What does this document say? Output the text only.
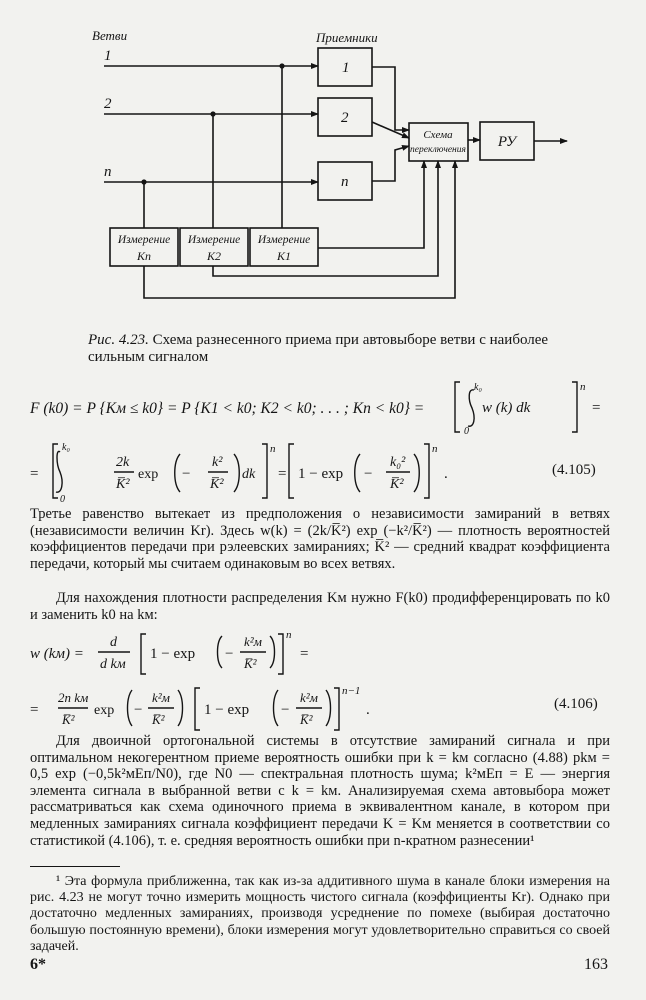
Ветви	Приемники
1
2
n
1
2
n
Схема
переключения РУ
Измерение
Kn
Измерение
K2
Измерение
K1
Рис. 4.23. Схема разнесенного приема при автовыборе ветви с наиболее сильным сигналом
F (k0) = P {Kм ≤ k0} = P {K1 < k0; K2 < k0; . . . ; Kn < k0} =
k₀
0
w (k) dk
n
=
=
k₀
0
2k
K̅²
exp −
k²
K̅²
dk
n
= 1 − exp −
k₀²
K̅²
n
.	(4.105)
Третье равенство вытекает из предположения о независимости замираний в ветвях (независимости величин Kr). Здесь w(k) = (2k/K̅²) exp (−k²/K̅²) — плотность вероятностей коэффициентов передачи при рэлеевских замираниях; K̅² — средний квадрат коэффициента передачи, который мы считаем одинаковым во всех ветвях.
Для нахождения плотности распределения Kм нужно F(k0) продифференцировать по k0 и заменить k0 на kм:
w (kм) =
d
d kм
1 − exp −
k²м
K̅²
n
=
=
2n kм
K̅²
exp −
k²м
K̅²
1 − exp −
k²м
K̅²
n−1
.	(4.106)
Для двоичной ортогональной системы в отсутствие замираний сигнала и при оптимальном некогерентном приеме вероятность ошибки при k = kм согласно (4.88) pkм = 0,5 exp (−0,5k²мEп/N0), где N0 — спектральная плотность шума; k²мEп = E — энергия элемента сигнала в выбранной ветви с k = kм. Анализируемая схема автовыбора может рассматриваться как схема одиночного приема в эквивалентном канале, в котором при медленных замираниях сигнала коэффициент передачи K = Kм меняется в соответствии со статистикой (4.106), т. е. средняя вероятность ошибки при n-кратном разнесении¹
¹ Эта формула приближенна, так как из-за аддитивного шума в канале блоки измерения на рис. 4.23 не могут точно измерить мощность чистого сигнала (коэффициенты Kr). Однако при достаточно медленных замираниях, производя усреднение по помехе (выбирая достаточно большую постоянную времени), блоки измерения могут удовлетворительно справиться со своей задачей.
6*	163
